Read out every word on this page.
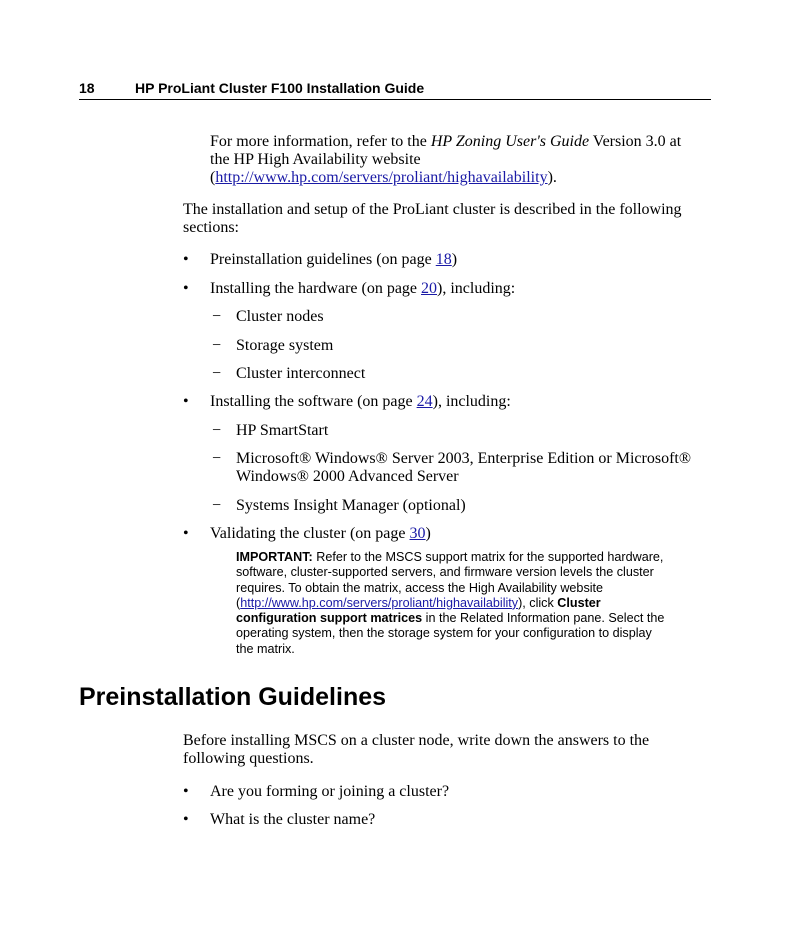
18	HP ProLiant Cluster F100 Installation Guide
For more information, refer to the HP Zoning User's Guide Version 3.0 at the HP High Availability website
(http://www.hp.com/servers/proliant/highavailability).
The installation and setup of the ProLiant cluster is described in the following sections:
• Preinstallation guidelines (on page 18)
• Installing the hardware (on page 20), including:
− Cluster nodes
− Storage system
− Cluster interconnect
• Installing the software (on page 24), including:
− HP SmartStart
− Microsoft® Windows® Server 2003, Enterprise Edition or Microsoft® Windows® 2000 Advanced Server
− Systems Insight Manager (optional)
• Validating the cluster (on page 30)
IMPORTANT: Refer to the MSCS support matrix for the supported hardware, software, cluster-supported servers, and firmware version levels the cluster requires. To obtain the matrix, access the High Availability website (http://www.hp.com/servers/proliant/highavailability), click Cluster configuration support matrices in the Related Information pane. Select the operating system, then the storage system for your configuration to display the matrix.
Preinstallation Guidelines
Before installing MSCS on a cluster node, write down the answers to the following questions.
• Are you forming or joining a cluster?
• What is the cluster name?
